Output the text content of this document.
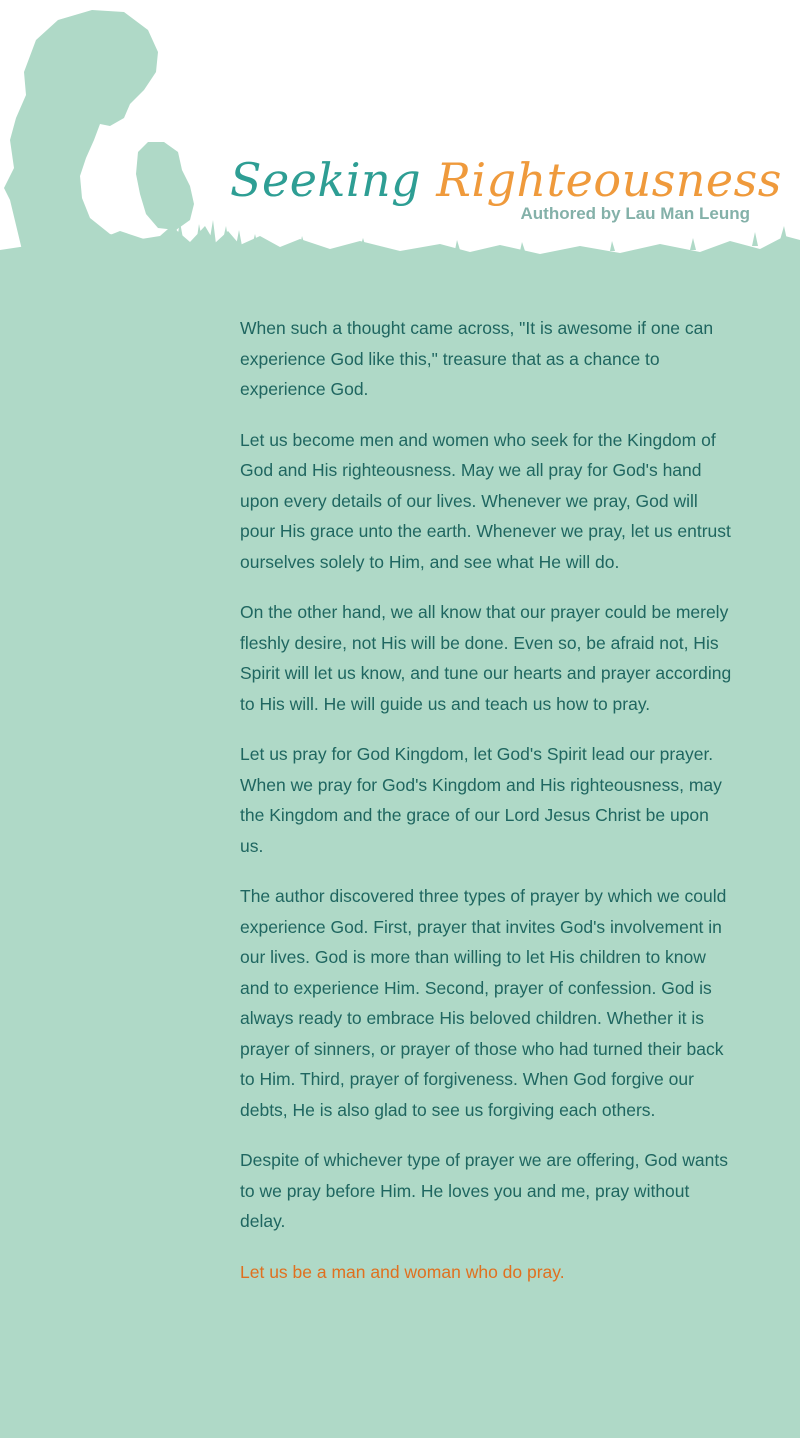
Seeking Righteousness
Authored by Lau Man Leung

When such a thought came across, "It is awesome if one can experience God like this," treasure that as a chance to experience God.

Let us become men and women who seek for the Kingdom of God and His righteousness. May we all pray for God's hand upon every details of our lives. Whenever we pray, God will pour His grace unto the earth. Whenever we pray, let us entrust ourselves solely to Him, and see what He will do.

On the other hand, we all know that our prayer could be merely fleshly desire, not His will be done. Even so, be afraid not, His Spirit will let us know, and tune our hearts and prayer according to His will. He will guide us and teach us how to pray.

Let us pray for God Kingdom, let God's Spirit lead our prayer. When we pray for God's Kingdom and His righteousness, may the Kingdom and the grace of our Lord Jesus Christ be upon us.

The author discovered three types of prayer by which we could experience God. First, prayer that invites God's involvement in our lives. God is more than willing to let His children to know and to experience Him. Second, prayer of confession. God is always ready to embrace His beloved children. Whether it is prayer of sinners, or prayer of those who had turned their back to Him. Third, prayer of forgiveness. When God forgive our debts, He is also glad to see us forgiving each others.

Despite of whichever type of prayer we are offering, God wants to we pray before Him. He loves you and me, pray without delay.

Let us be a man and woman who do pray.
